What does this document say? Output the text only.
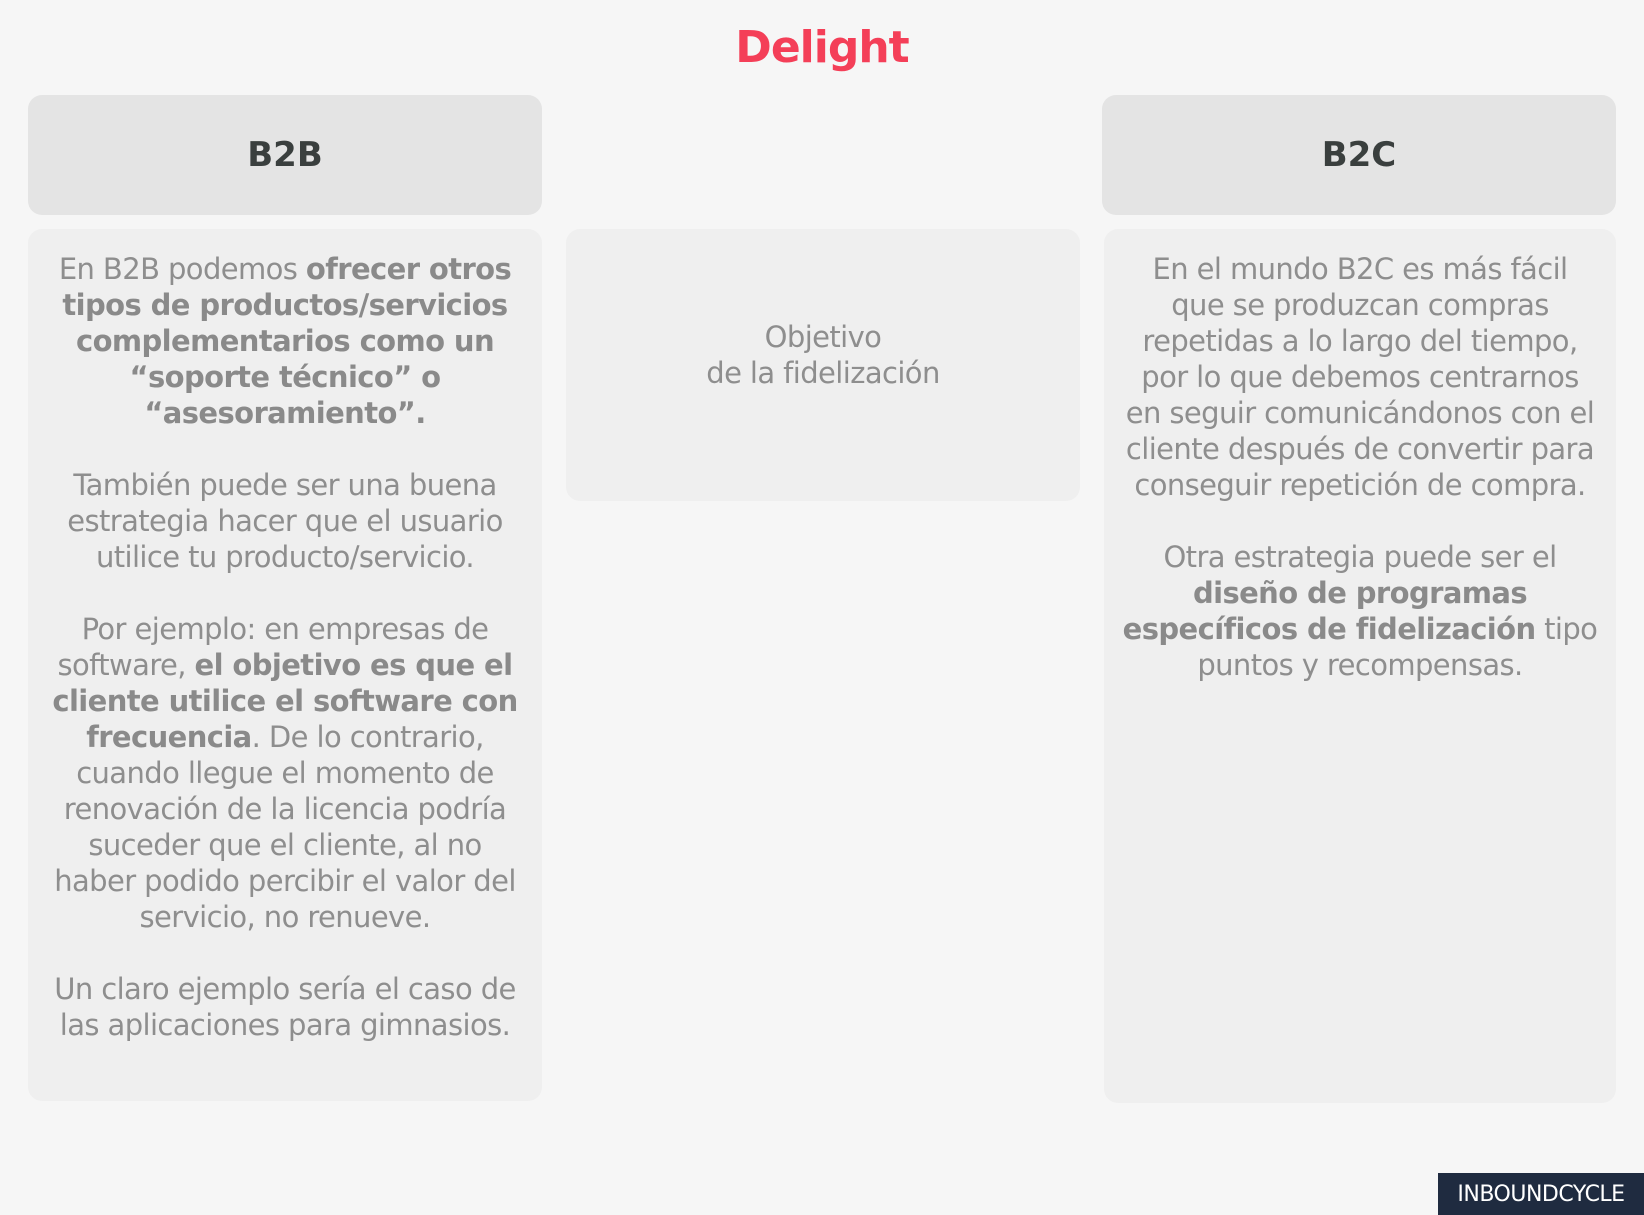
Delight
B2B	B2C

En B2B podemos ofrecer otros tipos de productos/servicios complementarios como un “soporte técnico” o “asesoramiento”.

También puede ser una buena estrategia hacer que el usuario utilice tu producto/servicio.

Por ejemplo: en empresas de software, el objetivo es que el cliente utilice el software con frecuencia. De lo contrario, cuando llegue el momento de renovación de la licencia podría suceder que el cliente, al no haber podido percibir el valor del servicio, no renueve.

Un claro ejemplo sería el caso de las aplicaciones para gimnasios.

Objetivo
de la fidelización

En el mundo B2C es más fácil que se produzcan compras repetidas a lo largo del tiempo, por lo que debemos centrarnos en seguir comunicándonos con el cliente después de convertir para conseguir repetición de compra.

Otra estrategia puede ser el diseño de programas específicos de fidelización tipo puntos y recompensas.

INBOUNDCYCLE
